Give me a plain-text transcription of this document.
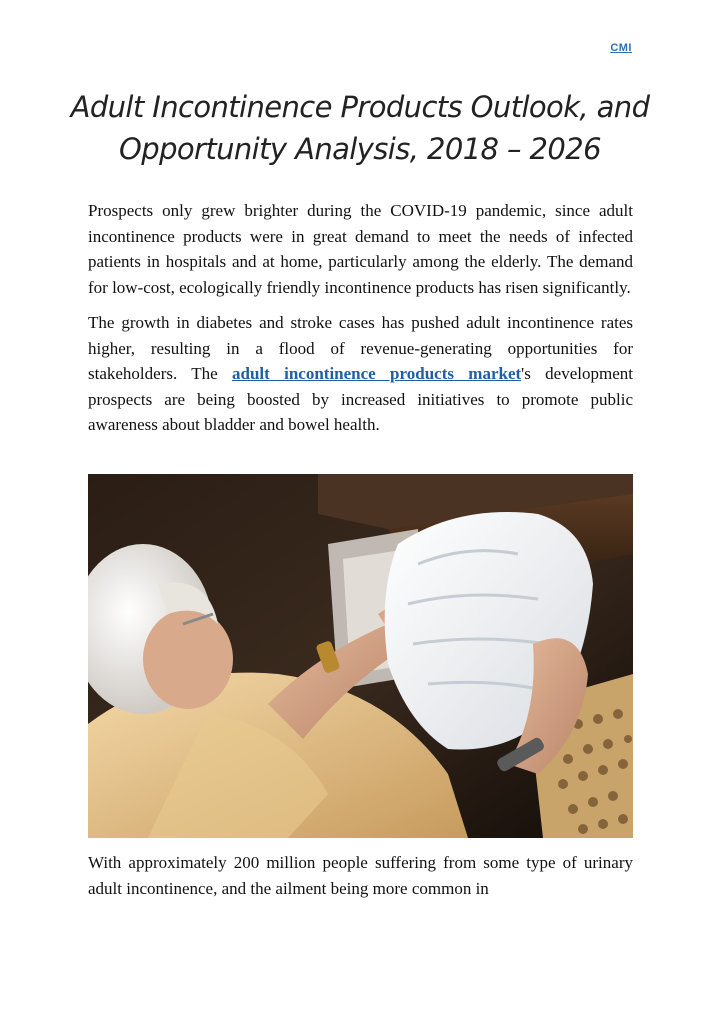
CMI
Adult Incontinence Products Outlook, and
Opportunity Analysis, 2018 – 2026

Prospects only grew brighter during the COVID-19 pandemic, since adult incontinence products were in great demand to meet the needs of infected patients in hospitals and at home, particularly among the elderly. The demand for low-cost, ecologically friendly incontinence products has risen significantly.

The growth in diabetes and stroke cases has pushed adult incontinence rates higher, resulting in a flood of revenue-generating opportunities for stakeholders. The adult incontinence products market's development prospects are being boosted by increased initiatives to promote public awareness about bladder and bowel health.

With approximately 200 million people suffering from some type of urinary adult incontinence, and the ailment being more common in
